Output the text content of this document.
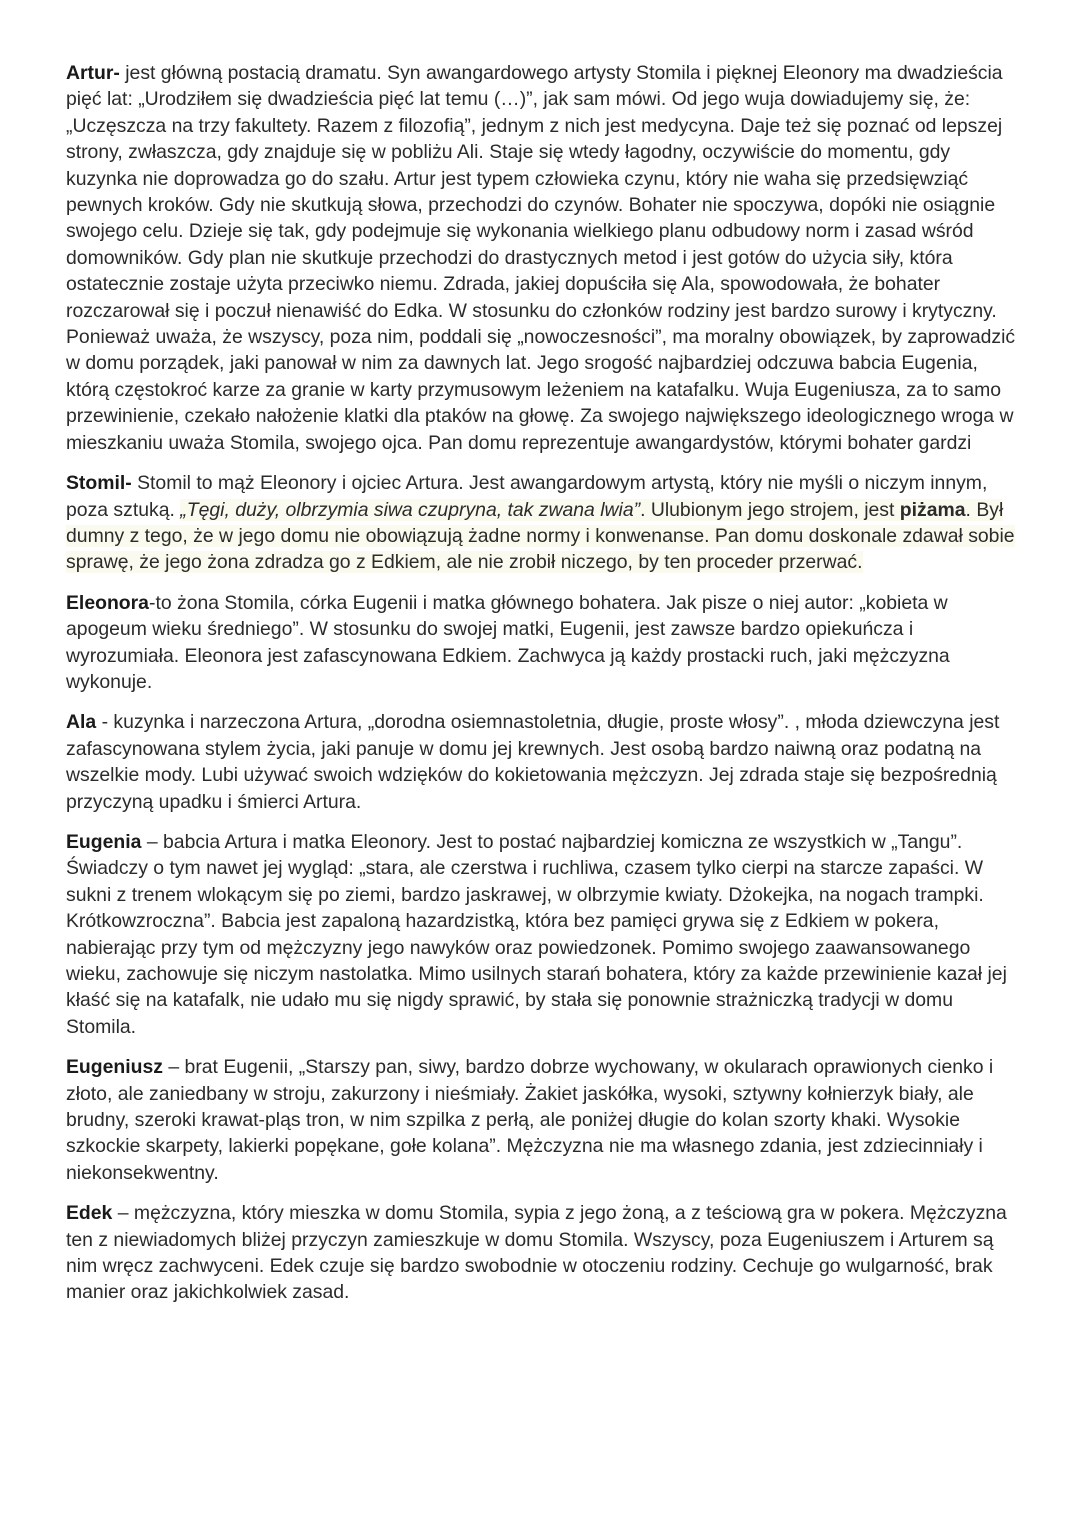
Artur- jest główną postacią dramatu. Syn awangardowego artysty Stomila i pięknej Eleonory ma dwadzieścia pięć lat: „Urodziłem się dwadzieścia pięć lat temu (…)”, jak sam mówi. Od jego wuja dowiadujemy się, że: „Uczęszcza na trzy fakultety. Razem z filozofią”, jednym z nich jest medycyna. Daje też się poznać od lepszej strony, zwłaszcza, gdy znajduje się w pobliżu Ali. Staje się wtedy łagodny, oczywiście do momentu, gdy kuzynka nie doprowadza go do szału. Artur jest typem człowieka czynu, który nie waha się przedsięwziąć pewnych kroków. Gdy nie skutkują słowa, przechodzi do czynów. Bohater nie spoczywa, dopóki nie osiągnie swojego celu. Dzieje się tak, gdy podejmuje się wykonania wielkiego planu odbudowy norm i zasad wśród domowników. Gdy plan nie skutkuje przechodzi do drastycznych metod i jest gotów do użycia siły, która ostatecznie zostaje użyta przeciwko niemu. Zdrada, jakiej dopuściła się Ala, spowodowała, że bohater rozczarował się i poczuł nienawiść do Edka. W stosunku do członków rodziny jest bardzo surowy i krytyczny. Ponieważ uważa, że wszyscy, poza nim, poddali się „nowoczesności”, ma moralny obowiązek, by zaprowadzić w domu porządek, jaki panował w nim za dawnych lat. Jego srogość najbardziej odczuwa babcia Eugenia, którą częstokroć karze za granie w karty przymusowym leżeniem na katafalku. Wuja Eugeniusza, za to samo przewinienie, czekało nałożenie klatki dla ptaków na głowę. Za swojego największego ideologicznego wroga w mieszkaniu uważa Stomila, swojego ojca. Pan domu reprezentuje awangardystów, którymi bohater gardzi

Stomil- Stomil to mąż Eleonory i ojciec Artura. Jest awangardowym artystą, który nie myśli o niczym innym, poza sztuką. „Tęgi, duży, olbrzymia siwa czupryna, tak zwana lwia”. Ulubionym jego strojem, jest piżama. Był dumny z tego, że w jego domu nie obowiązują żadne normy i konwenanse. Pan domu doskonale zdawał sobie sprawę, że jego żona zdradza go z Edkiem, ale nie zrobił niczego, by ten proceder przerwać.

Eleonora-to żona Stomila, córka Eugenii i matka głównego bohatera. Jak pisze o niej autor: „kobieta w apogeum wieku średniego”. W stosunku do swojej matki, Eugenii, jest zawsze bardzo opiekuńcza i wyrozumiała. Eleonora jest zafascynowana Edkiem. Zachwyca ją każdy prostacki ruch, jaki mężczyzna wykonuje.

Ala - kuzynka i narzeczona Artura, „dorodna osiemnastoletnia, długie, proste włosy”. , młoda dziewczyna jest zafascynowana stylem życia, jaki panuje w domu jej krewnych. Jest osobą bardzo naiwną oraz podatną na wszelkie mody. Lubi używać swoich wdzięków do kokietowania mężczyzn. Jej zdrada staje się bezpośrednią przyczyną upadku i śmierci Artura.

Eugenia – babcia Artura i matka Eleonory. Jest to postać najbardziej komiczna ze wszystkich w „Tangu”. Świadczy o tym nawet jej wygląd: „stara, ale czerstwa i ruchliwa, czasem tylko cierpi na starcze zapaści. W sukni z trenem wlokącym się po ziemi, bardzo jaskrawej, w olbrzymie kwiaty. Dżokejka, na nogach trampki. Krótkowzroczna”. Babcia jest zapaloną hazardzistką, która bez pamięci grywa się z Edkiem w pokera, nabierając przy tym od mężczyzny jego nawyków oraz powiedzonek. Pomimo swojego zaawansowanego wieku, zachowuje się niczym nastolatka. Mimo usilnych starań bohatera, który za każde przewinienie kazał jej kłaść się na katafalk, nie udało mu się nigdy sprawić, by stała się ponownie strażniczką tradycji w domu Stomila.

Eugeniusz – brat Eugenii, „Starszy pan, siwy, bardzo dobrze wychowany, w okularach oprawionych cienko i złoto, ale zaniedbany w stroju, zakurzony i nieśmiały. Żakiet jaskółka, wysoki, sztywny kołnierzyk biały, ale brudny, szeroki krawat-pląs tron, w nim szpilka z perłą, ale poniżej długie do kolan szorty khaki. Wysokie szkockie skarpety, lakierki popękane, gołe kolana”. Mężczyzna nie ma własnego zdania, jest zdziecinniały i niekonsekwentny.

Edek – mężczyzna, który mieszka w domu Stomila, sypia z jego żoną, a z teściową gra w pokera. Mężczyzna ten z niewiadomych bliżej przyczyn zamieszkuje w domu Stomila. Wszyscy, poza Eugeniuszem i Arturem są nim wręcz zachwyceni. Edek czuje się bardzo swobodnie w otoczeniu rodziny. Cechuje go wulgarność, brak manier oraz jakichkolwiek zasad.
